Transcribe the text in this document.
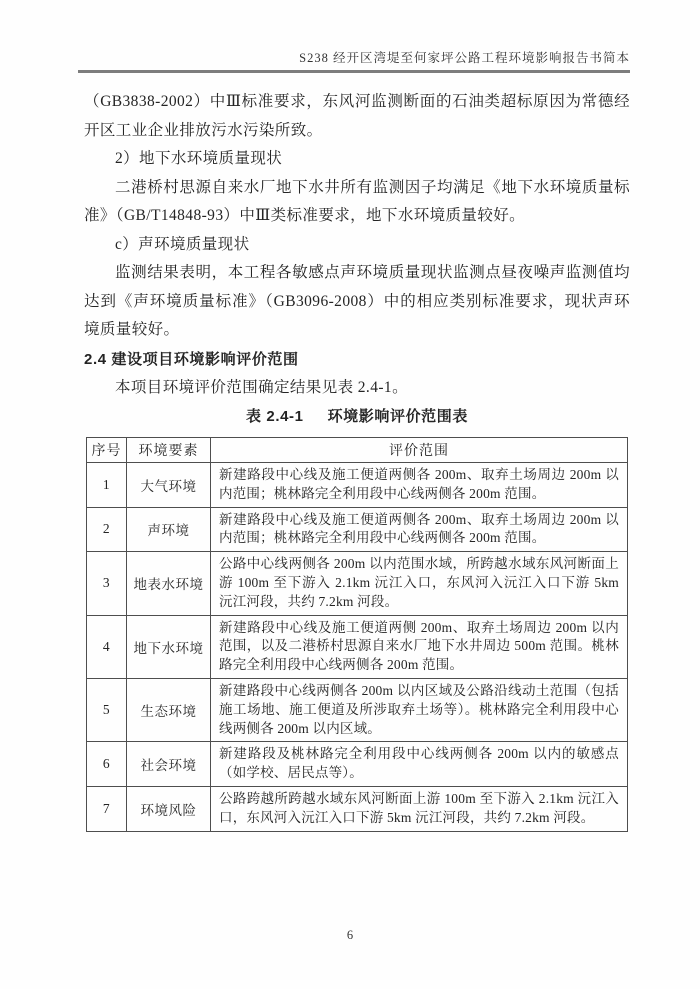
S238 经开区湾堤至何家坪公路工程环境影响报告书简本

（GB3838-2002）中Ⅲ标准要求，东风河监测断面的石油类超标原因为常德经开区工业企业排放污水污染所致。

2）地下水环境质量现状

二港桥村思源自来水厂地下水井所有监测因子均满足《地下水环境质量标准》（GB/T14848-93）中Ⅲ类标准要求，地下水环境质量较好。

c）声环境质量现状

监测结果表明，本工程各敏感点声环境质量现状监测点昼夜噪声监测值均达到《声环境质量标准》（GB3096-2008）中的相应类别标准要求，现状声环境质量较好。

2.4 建设项目环境影响评价范围

本项目环境评价范围确定结果见表 2.4-1。

表 2.4-1 环境影响评价范围表
序号	环境要素	评价范围
1	大气环境	新建路段中心线及施工便道两侧各 200m、取弃土场周边 200m 以内范围；桃林路完全利用段中心线两侧各 200m 范围。
2	声环境	新建路段中心线及施工便道两侧各 200m、取弃土场周边 200m 以内范围；桃林路完全利用段中心线两侧各 200m 范围。
3	地表水环境	公路中心线两侧各 200m 以内范围水域，所跨越水域东风河断面上游 100m 至下游入 2.1km 沅江入口，东风河入沅江入口下游 5km 沅江河段，共约 7.2km 河段。
4	地下水环境	新建路段中心线及施工便道两侧 200m、取弃土场周边 200m 以内范围，以及二港桥村思源自来水厂地下水井周边 500m 范围。桃林路完全利用段中心线两侧各 200m 范围。
5	生态环境	新建路段中心线两侧各 200m 以内区域及公路沿线动土范围（包括施工场地、施工便道及所涉取弃土场等）。桃林路完全利用段中心线两侧各 200m 以内区域。
6	社会环境	新建路段及桃林路完全利用段中心线两侧各 200m 以内的敏感点（如学校、居民点等）。
7	环境风险	公路跨越所跨越水域东风河断面上游 100m 至下游入 2.1km 沅江入口，东风河入沅江入口下游 5km 沅江河段，共约 7.2km 河段。
6
